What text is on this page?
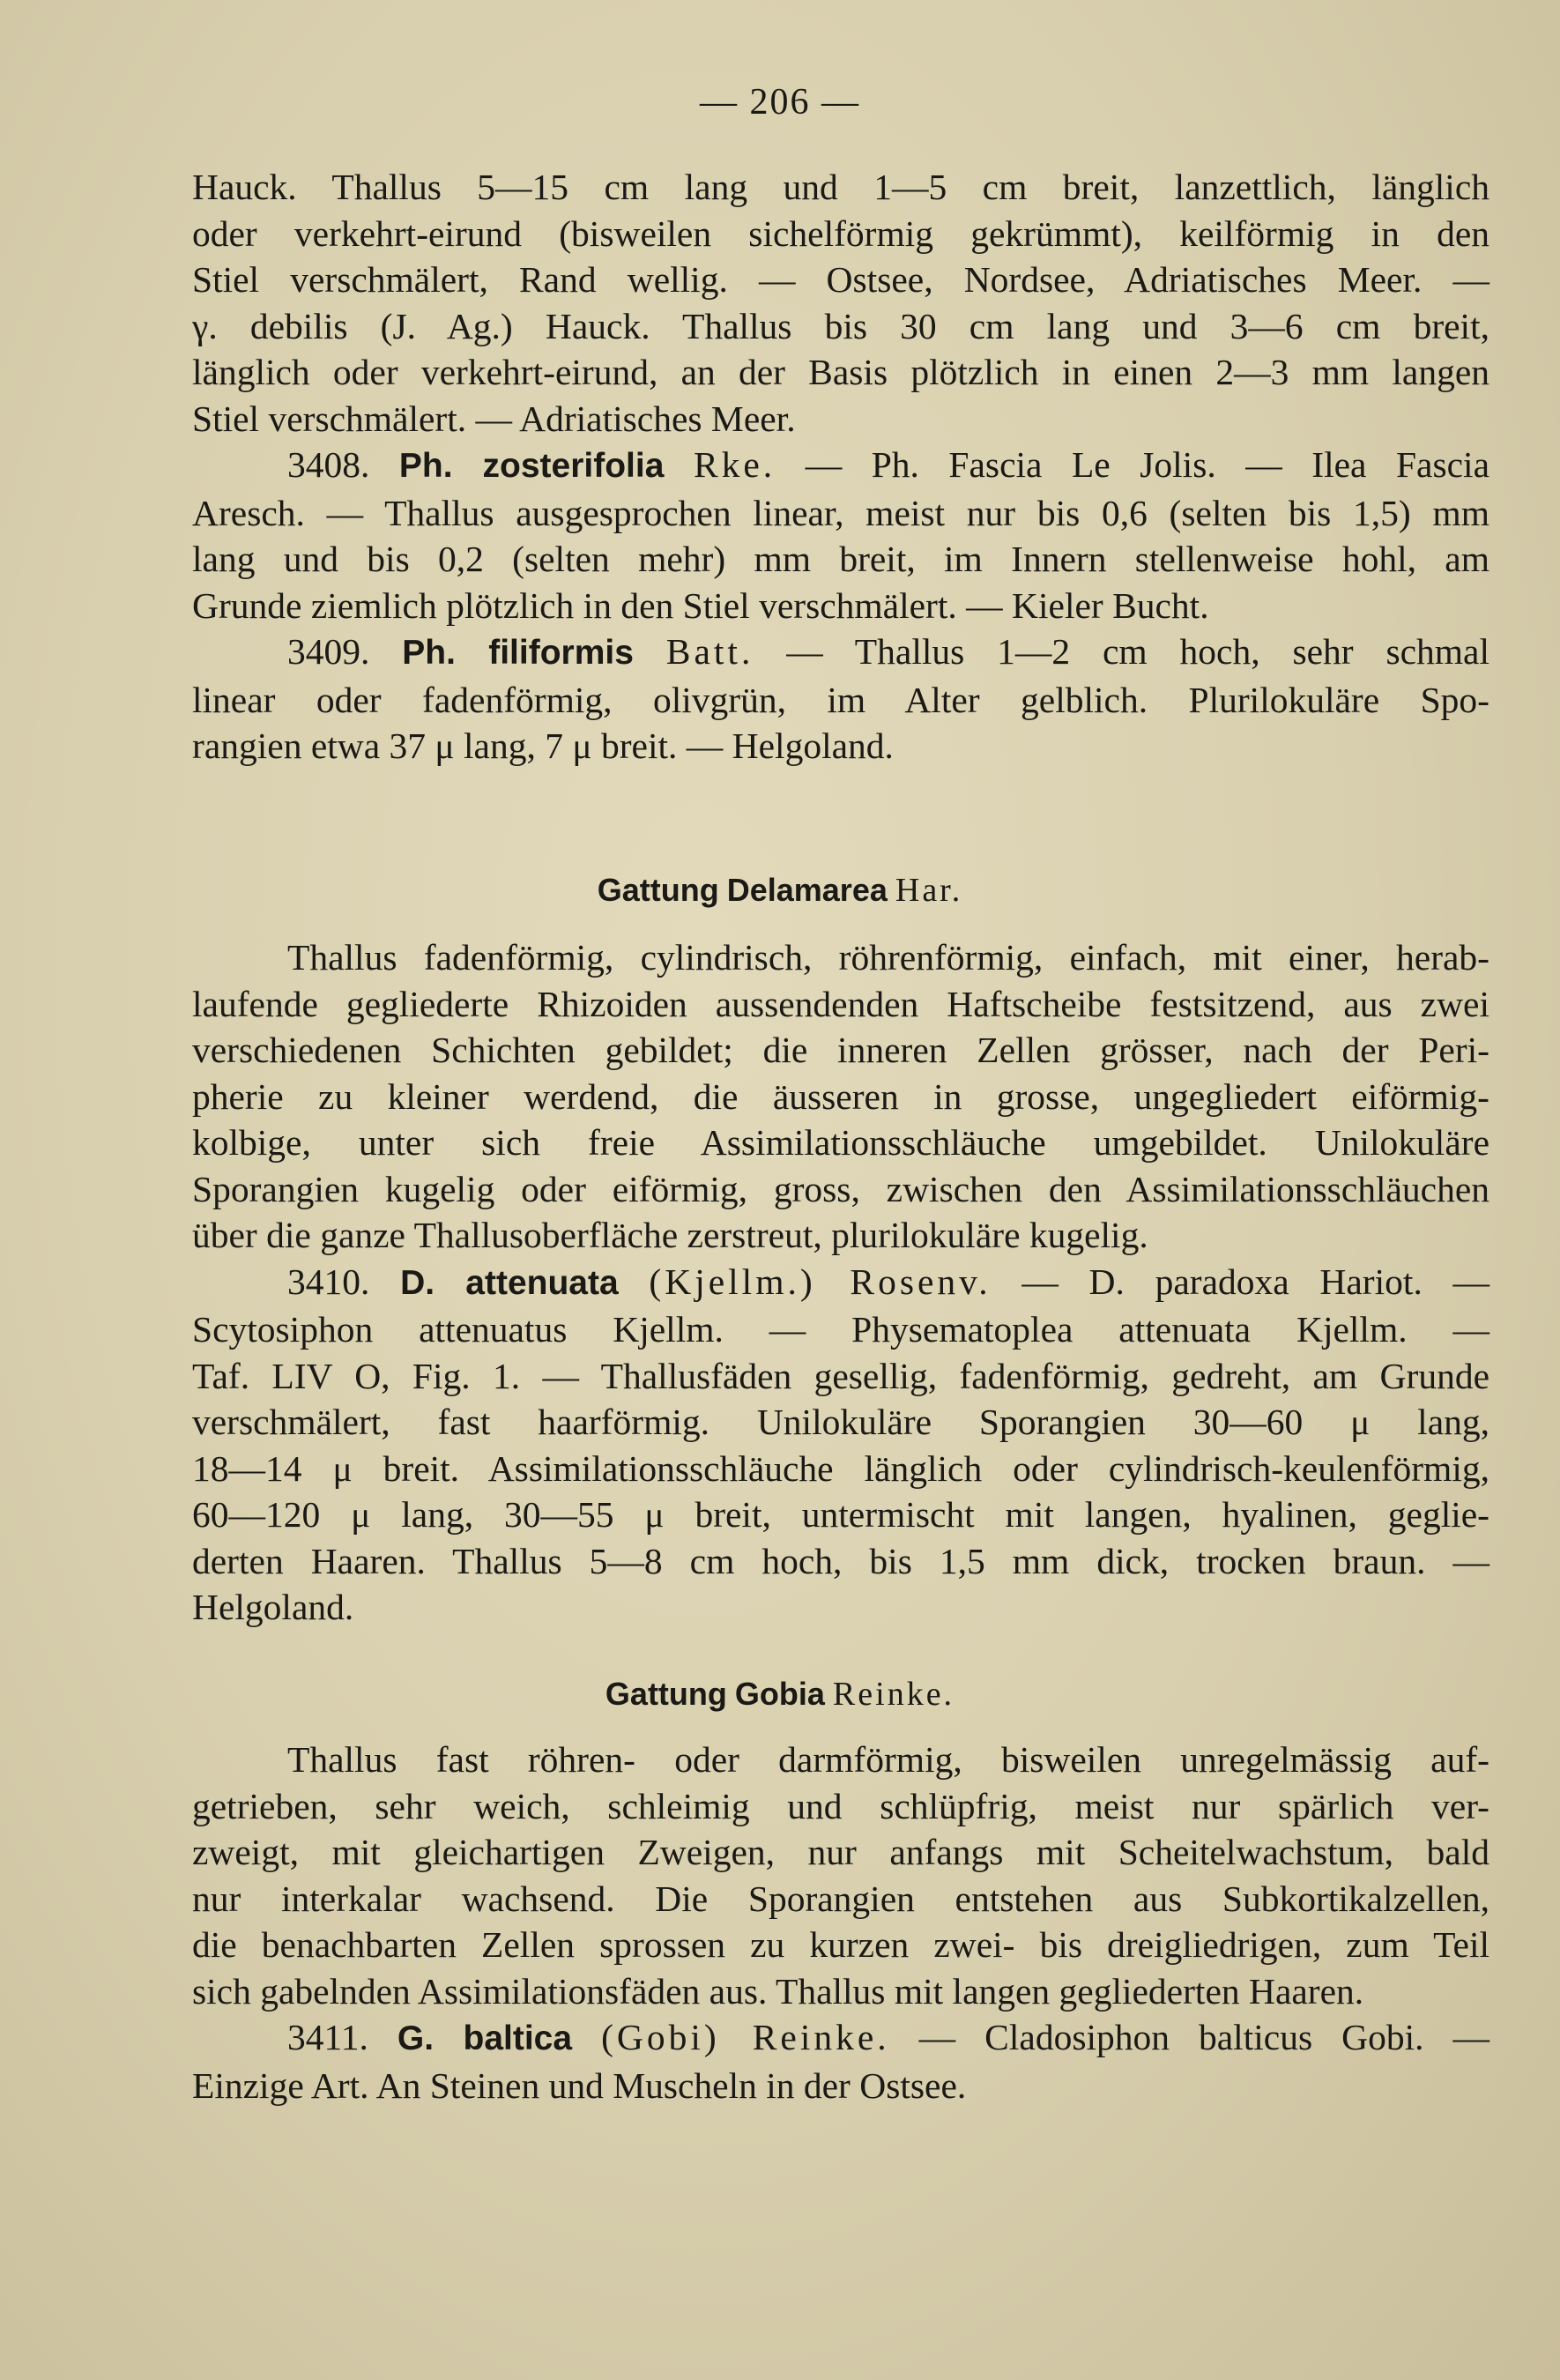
— 206 —
Hauck. Thallus 5—15 cm lang und 1—5 cm breit, lanzettlich, länglich
oder verkehrt-eirund (bisweilen sichelförmig gekrümmt), keilförmig in den
Stiel verschmälert, Rand wellig. — Ostsee, Nordsee, Adriatisches Meer. —
γ. debilis (J. Ag.) Hauck. Thallus bis 30 cm lang und 3—6 cm breit,
länglich oder verkehrt-eirund, an der Basis plötzlich in einen 2—3 mm langen
Stiel verschmälert. — Adriatisches Meer.
3408. Ph. zosterifolia Rke. — Ph. Fascia Le Jolis. — Ilea Fascia
Aresch. — Thallus ausgesprochen linear, meist nur bis 0,6 (selten bis 1,5) mm
lang und bis 0,2 (selten mehr) mm breit, im Innern stellenweise hohl, am
Grunde ziemlich plötzlich in den Stiel verschmälert. — Kieler Bucht.
3409. Ph. filiformis Batt. — Thallus 1—2 cm hoch, sehr schmal
linear oder fadenförmig, olivgrün, im Alter gelblich. Plurilokuläre Spo-
rangien etwa 37 μ lang, 7 μ breit. — Helgoland.
Gattung Delamarea Har.
Thallus fadenförmig, cylindrisch, röhrenförmig, einfach, mit einer, herab-
laufende gegliederte Rhizoiden aussendenden Haftscheibe festsitzend, aus zwei
verschiedenen Schichten gebildet; die inneren Zellen grösser, nach der Peri-
pherie zu kleiner werdend, die äusseren in grosse, ungegliedert eiförmig-
kolbige, unter sich freie Assimilationsschläuche umgebildet. Unilokuläre
Sporangien kugelig oder eiförmig, gross, zwischen den Assimilationsschläuchen
über die ganze Thallusoberfläche zerstreut, plurilokuläre kugelig.
3410. D. attenuata (Kjellm.) Rosenv. — D. paradoxa Hariot. —
Scytosiphon attenuatus Kjellm. — Physematoplea attenuata Kjellm. —
Taf. LIV O, Fig. 1. — Thallusfäden gesellig, fadenförmig, gedreht, am Grunde
verschmälert, fast haarförmig. Unilokuläre Sporangien 30—60 μ lang,
18—14 μ breit. Assimilationsschläuche länglich oder cylindrisch-keulenförmig,
60—120 μ lang, 30—55 μ breit, untermischt mit langen, hyalinen, geglie-
derten Haaren. Thallus 5—8 cm hoch, bis 1,5 mm dick, trocken braun. —
Helgoland.
Gattung Gobia Reinke.
Thallus fast röhren- oder darmförmig, bisweilen unregelmässig auf-
getrieben, sehr weich, schleimig und schlüpfrig, meist nur spärlich ver-
zweigt, mit gleichartigen Zweigen, nur anfangs mit Scheitelwachstum, bald
nur interkalar wachsend. Die Sporangien entstehen aus Subkortikalzellen,
die benachbarten Zellen sprossen zu kurzen zwei- bis dreigliedrigen, zum Teil
sich gabelnden Assimilationsfäden aus. Thallus mit langen gegliederten Haaren.
3411. G. baltica (Gobi) Reinke. — Cladosiphon balticus Gobi. —
Einzige Art. An Steinen und Muscheln in der Ostsee.
